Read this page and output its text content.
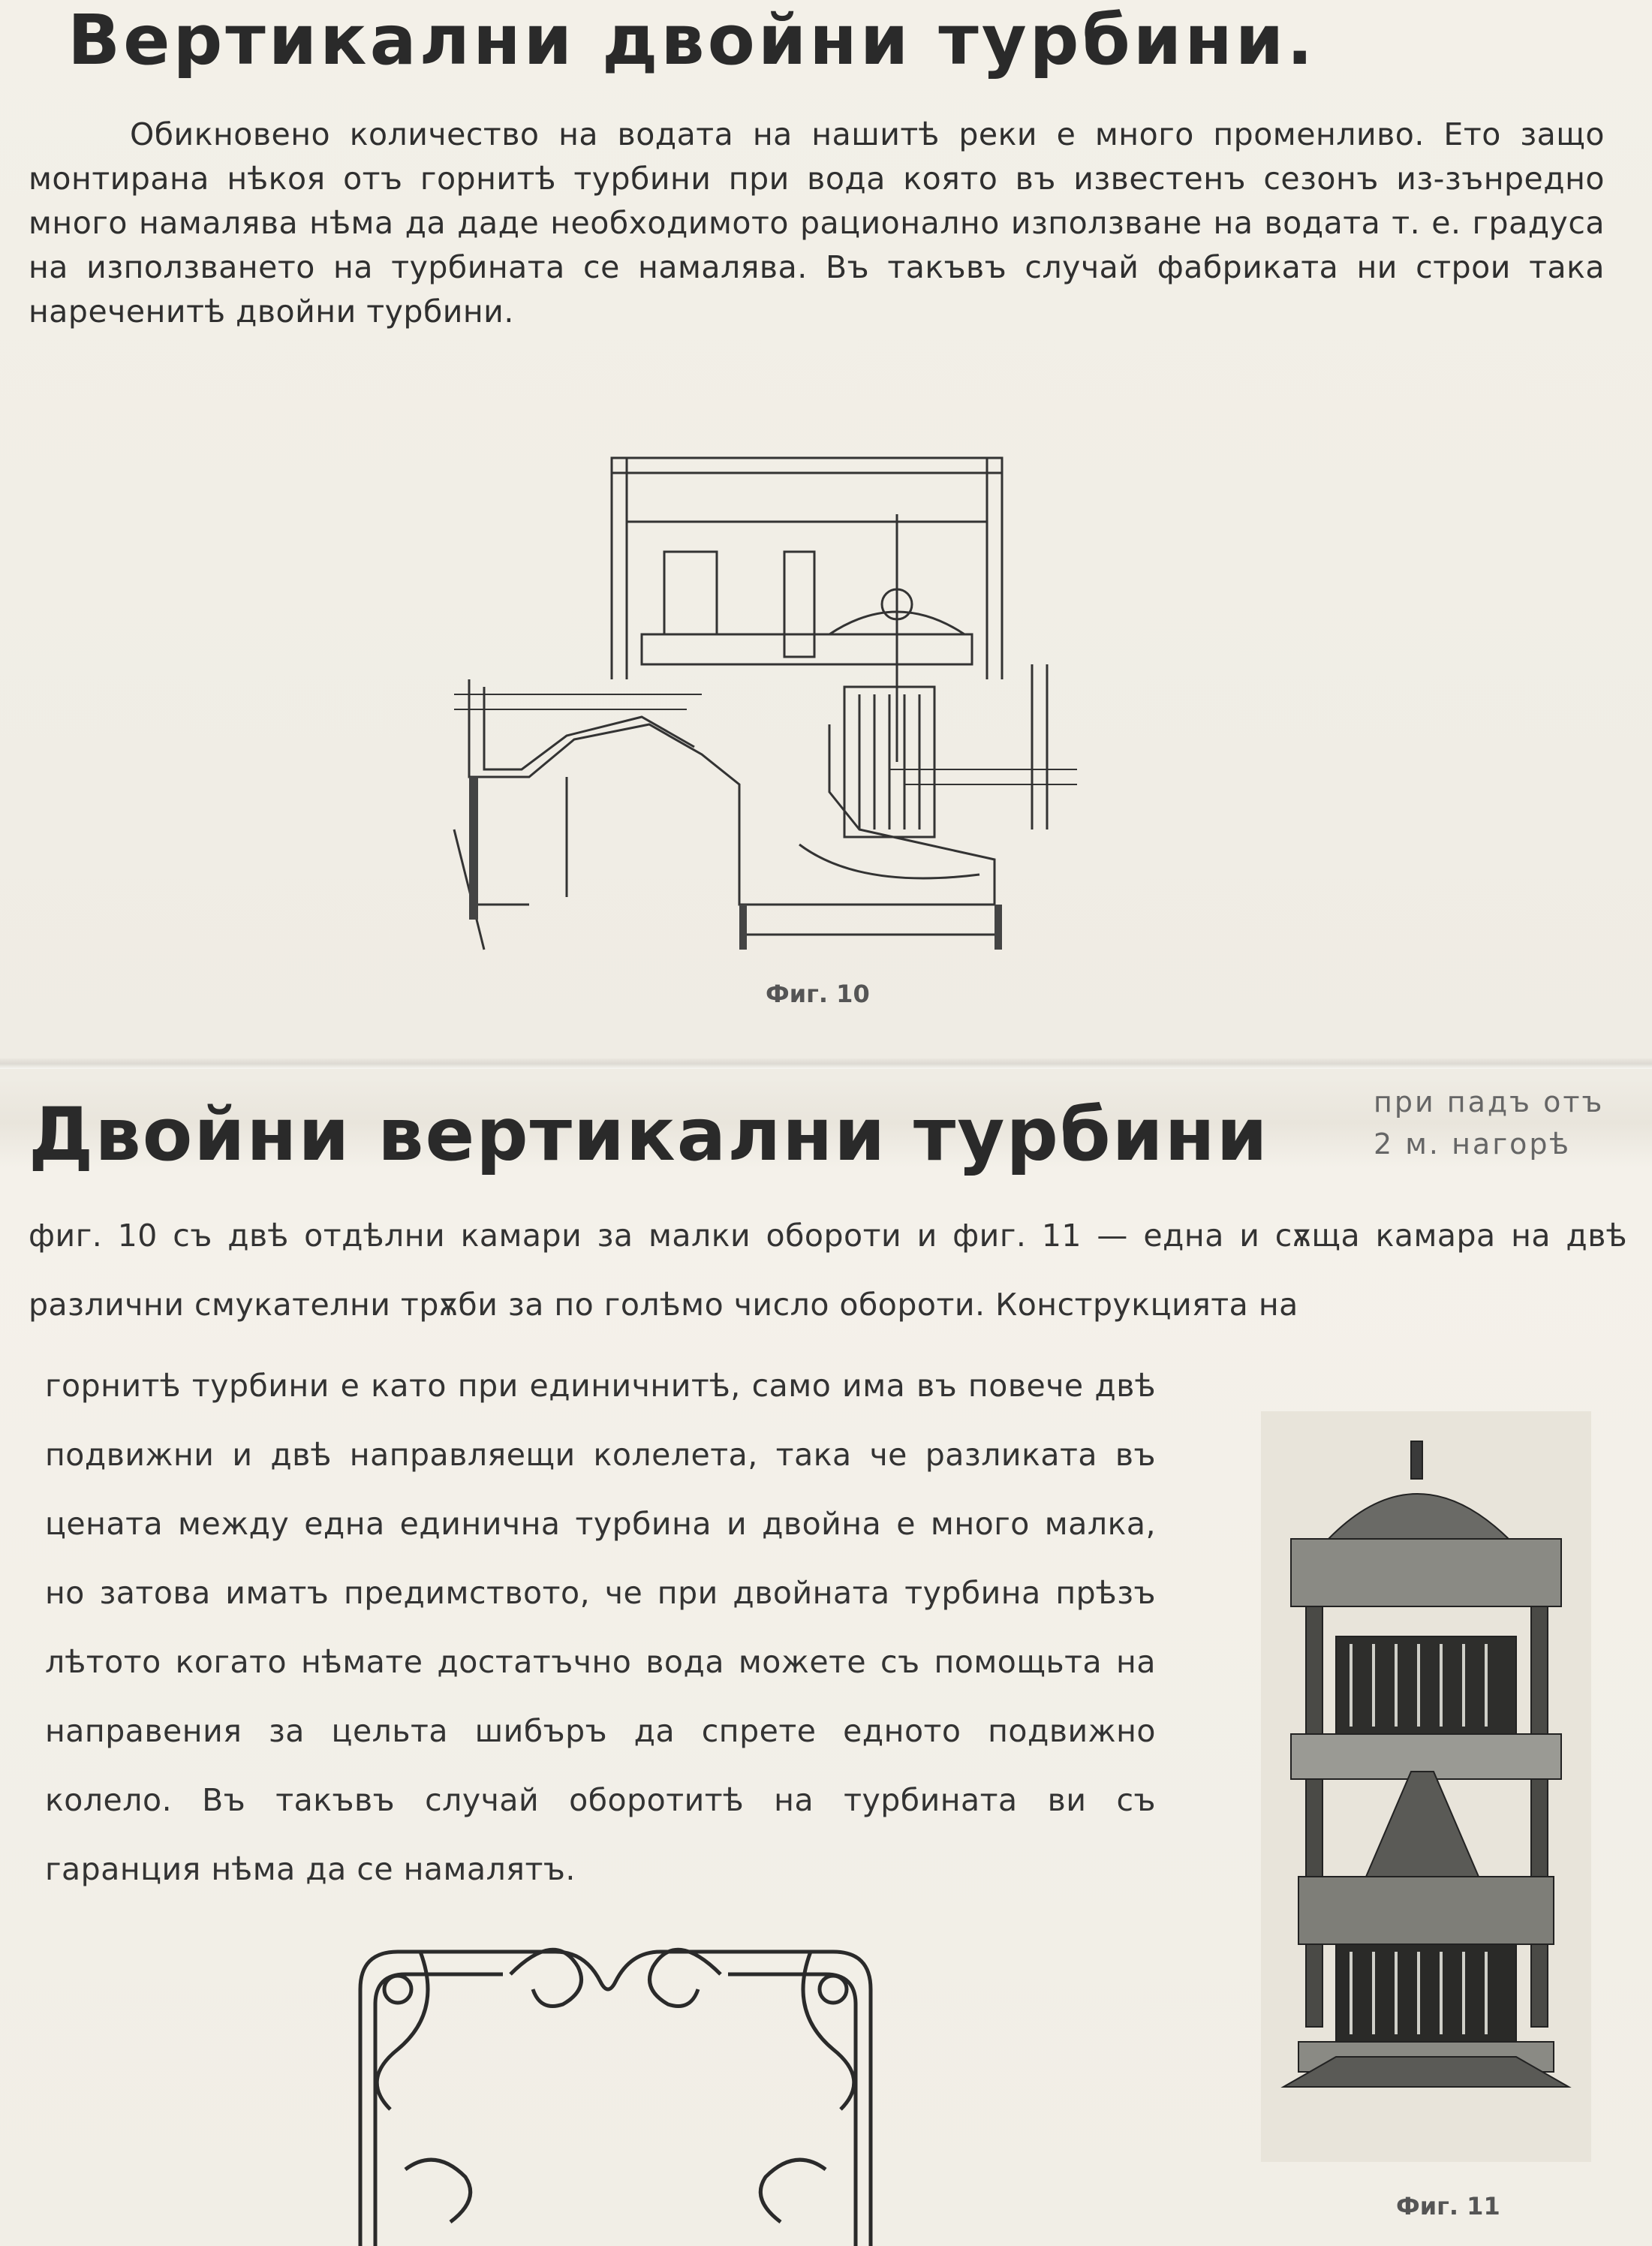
Вертикални двойни турбини.
Обикновено количество на водата на нашитѣ реки е много променливо. Ето защо монтирана нѣкоя отъ горнитѣ турбини при вода която въ известенъ сезонъ из-зънредно много намалява нѣма да даде необходимото рационално използване на водата т. е. градуса на използването на турбината се намалява. Въ такъвъ случай фабриката ни строи така нареченитѣ двойни турбини.
Фиг. 10
Двойни вертикални турбини	при падъ отъ 2 м. нагорѣ
фиг. 10 съ двѣ отдѣлни камари за малки обороти и фиг. 11 — една и сѫща камара на двѣ различни смукателни трѫби за по голѣмо число обороти. Конструкцията на
горнитѣ турбини е като при единичнитѣ, само има въ повече двѣ подвижни и двѣ направляещи колелета, така че разликата въ цената между една единична турбина и двойна е много малка, но затова иматъ предимството, че при двойната турбина прѣзъ лѣтото когато нѣмате достатъчно вода можете съ помощьта на направения за цельта шибъръ да спрете едното подвижно колело. Въ такъвъ случай оборотитѣ на турбината ви съ гаранция нѣма да се намалятъ.
Фиг. 11
